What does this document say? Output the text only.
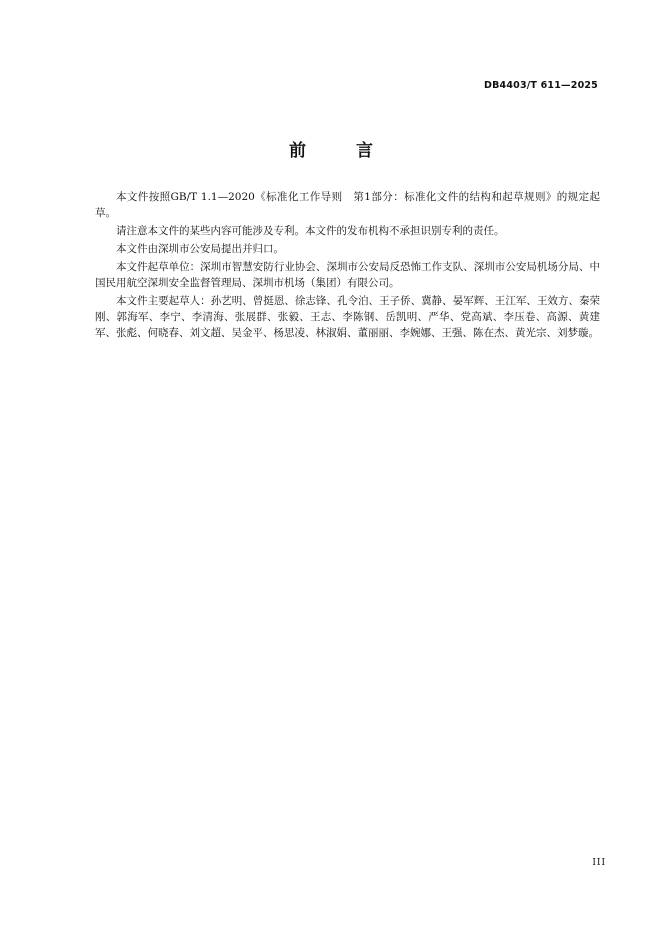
DB4403/T 611—2025

前 言

本文件按照GB/T 1.1—2020《标准化工作导则　第1部分：标准化文件的结构和起草规则》的规定起草。

请注意本文件的某些内容可能涉及专利。本文件的发布机构不承担识别专利的责任。

本文件由深圳市公安局提出并归口。

本文件起草单位：深圳市智慧安防行业协会、深圳市公安局反恐怖工作支队、深圳市公安局机场分局、中国民用航空深圳安全监督管理局、深圳市机场（集团）有限公司。

本文件主要起草人：孙艺明、曾挺恩、徐志锋、孔令泊、王子侨、冀静、晏军辉、王江军、王效方、秦荣刚、郭海军、李宁、李清海、张展群、张毅、王志、李陈钢、岳凯明、严华、党高斌、李压卷、高源、黄建军、张彪、何晓春、刘文超、吴金平、杨思凌、林淑娟、董丽丽、李婉娜、王强、陈在杰、黄光宗、刘梦璇。

III
